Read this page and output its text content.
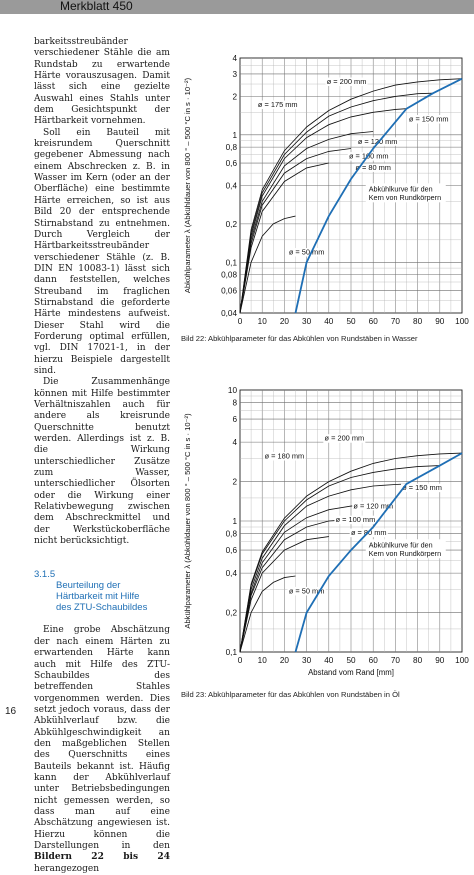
Merkblatt 450

barkeitsstreubänder verschiedener Stähle die am Rundstab zu erwartende Härte vorauszusagen. Damit lässt sich eine gezielte Auswahl eines Stahls unter dem Gesichtspunkt der Härtbarkeit vornehmen.

Soll ein Bauteil mit kreisrundem Querschnitt gegebener Abmessung nach einem Abschrecken z. B. in Wasser im Kern (oder an der Oberfläche) eine bestimmte Härte erreichen, so ist aus Bild 20 der entsprechende Stirnabstand zu entnehmen. Durch Vergleich der Härtbarkeitsstreubänder verschiedener Stähle (z. B. DIN EN 10083-1) lässt sich dann feststellen, welches Streuband im fraglichen Stirnabstand die geforderte Härte mindestens aufweist. Dieser Stahl wird die Forderung optimal erfüllen, vgl. DIN 17021-1, in der hierzu Beispiele dargestellt sind.

Die Zusammenhänge können mit Hilfe bestimmter Verhältniszahlen auch für andere als kreisrunde Querschnitte benutzt werden. Allerdings ist z. B. die Wirkung unterschiedlicher Zusätze zum Wasser, unterschiedlicher Ölsorten oder die Wirkung einer Relativbewegung zwischen dem Abschreckmittel und der Werkstückoberfläche nicht berücksichtigt.

3.1.5
Beurteilung der
Härtbarkeit mit Hilfe
des ZTU-Schaubildes

Eine grobe Abschätzung der nach einem Härten zu erwartenden Härte kann auch mit Hilfe des ZTU-Schaubildes des betreffenden Stahles vorgenommen werden. Dies setzt jedoch voraus, dass der Abkühlverlauf bzw. die Abkühlgeschwindigkeit an den maßgeblichen Stellen des Querschnitts eines Bauteils bekannt ist. Häufig kann der Abkühlverlauf unter Betriebsbedingungen nicht gemessen werden, so dass man auf eine Abschätzung angewiesen ist. Hierzu können die Darstellungen in den Bildern 22 bis 24 herangezogen

4
3
2
1
0,8
0,6
0,4
0,2
0,1
0,08
0,06
0,04
0 10 20 30 40 50 60 70 80 90 100
Abkühlparameter λ (Abkühldauer von 800 ° – 500 °C in s · 10⁻²)	ø = 50 mm
ø = 80 mm
ø = 100 mm
ø = 120 mm
ø = 150 mm
ø = 175 mm
ø = 200 mm
Abkühlkurve für den
Kern von Rundkörpern
Bild 22: Abkühlparameter für das Abkühlen von Rundstäben in Wasser
10
8
6
4
2
1
0,8
0,6
0,4
0,2
0,1
0 10 20 30 40 50 60 70 80 90 100
Abstand vom Rand [mm]
Abkühlparameter λ (Abkühldauer von 800 ° – 500 °C in s · 10⁻²)	ø = 50 mm
ø = 80 mm
ø = 100 mm
ø = 120 mm
ø = 150 mm
ø = 180 mm
ø = 200 mm
Abkühlkurve für den
Kern von Rundkörpern
Bild 23: Abkühlparameter für das Abkühlen von Rundstäben in Öl
16
